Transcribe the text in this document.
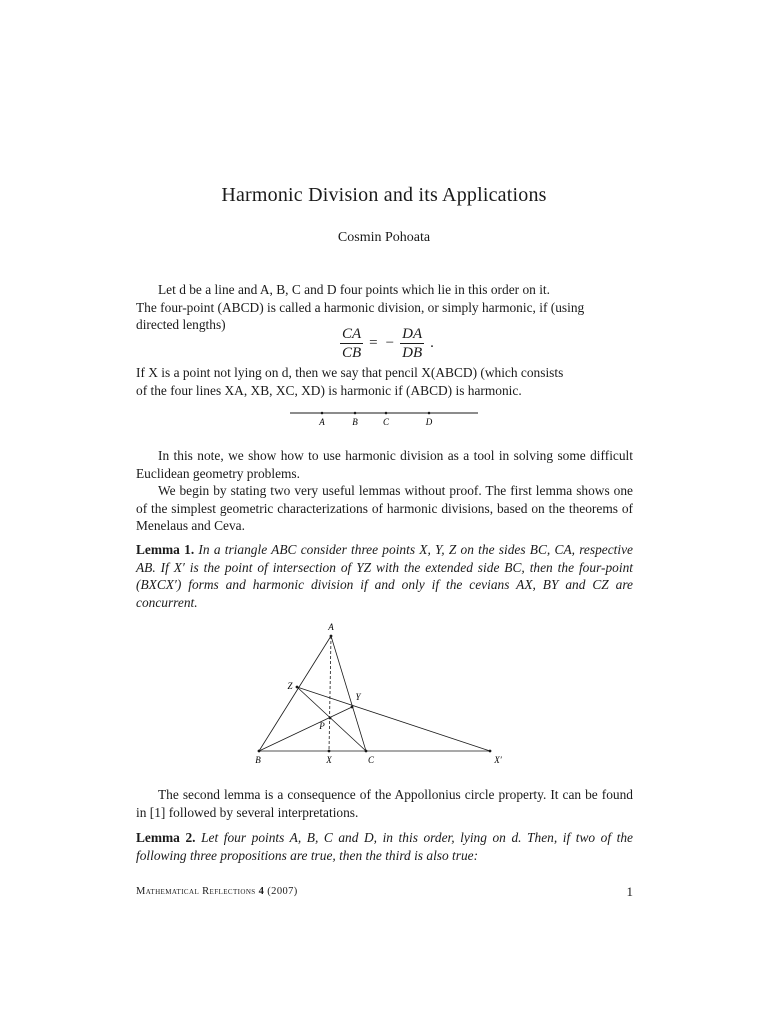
Harmonic Division and its Applications
Cosmin Pohoata

Let d be a line and A, B, C and D four points which lie in this order on it.

The four-point (ABCD) is called a harmonic division, or simply harmonic, if (using

directed lengths)

$\frac{CA}{CB}$ = − $\frac{DA}{DB}$ .

If X is a point not lying on d, then we say that pencil X(ABCD) (which consists

of the four lines XA, XB, XC, XD) is harmonic if (ABCD) is harmonic.

A	B	C	D

In this note, we show how to use harmonic division as a tool in solving some difficult Euclidean geometry problems.

We begin by stating two very useful lemmas without proof. The first lemma shows one of the simplest geometric characterizations of harmonic divisions, based on the theorems of Menelaus and Ceva.

Lemma 1. In a triangle ABC consider three points X, Y, Z on the sides BC, CA, respective AB. If X′ is the point of intersection of YZ with the extended side BC, then the four-point (BXCX′) forms and harmonic division if and only if the cevians AX, BY and CZ are concurrent.

A
B	C
X
Y
Z
P
X′

The second lemma is a consequence of the Appollonius circle property. It can be found in [1] followed by several interpretations.

Lemma 2. Let four points A, B, C and D, in this order, lying on d. Then, if two of the following three propositions are true, then the third is also true:

Mathematical Reflections 4 (2007)	1
